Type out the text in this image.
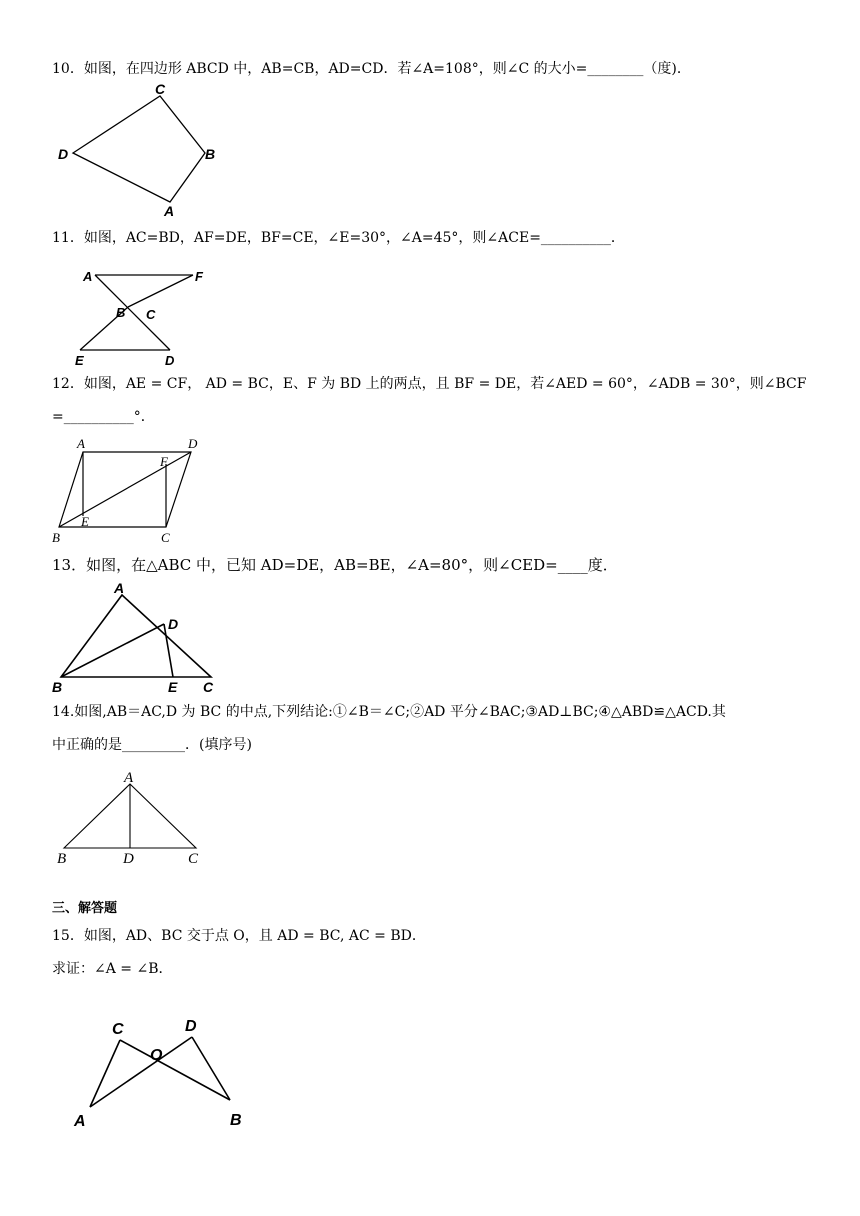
10．如图，在四边形 ABCD 中，AB=CB，AD=CD．若∠A=108°，则∠C 的大小=________（度)．
C
D	B
A
11．如图，AC=BD，AF=DE，BF=CE，∠E=30°，∠A=45°，则∠ACE=__________．
A	F
B C
E	D
12．如图，AE = CF， AD = BC，E、F 为 BD 上的两点，且 BF = DE，若∠AED = 60°，∠ADB = 30°，则∠BCF
=__________°．
A	D
F
E
B	C
13．如图，在△ABC 中，已知 AD=DE，AB=BE，∠A=80°，则∠CED=____度．
A
D
B	E C
14.如图,AB＝AC,D 为 BC 的中点,下列结论:①∠B＝∠C;②AD 平分∠BAC;③AD⊥BC;④△ABD≌△ACD.其
中正确的是_________．(填序号)
A
B	D	C
三、解答题
15．如图，AD、BC 交于点 O，且 AD = BC, AC = BD．
求证：∠A = ∠B．
C	D
O
A	B
